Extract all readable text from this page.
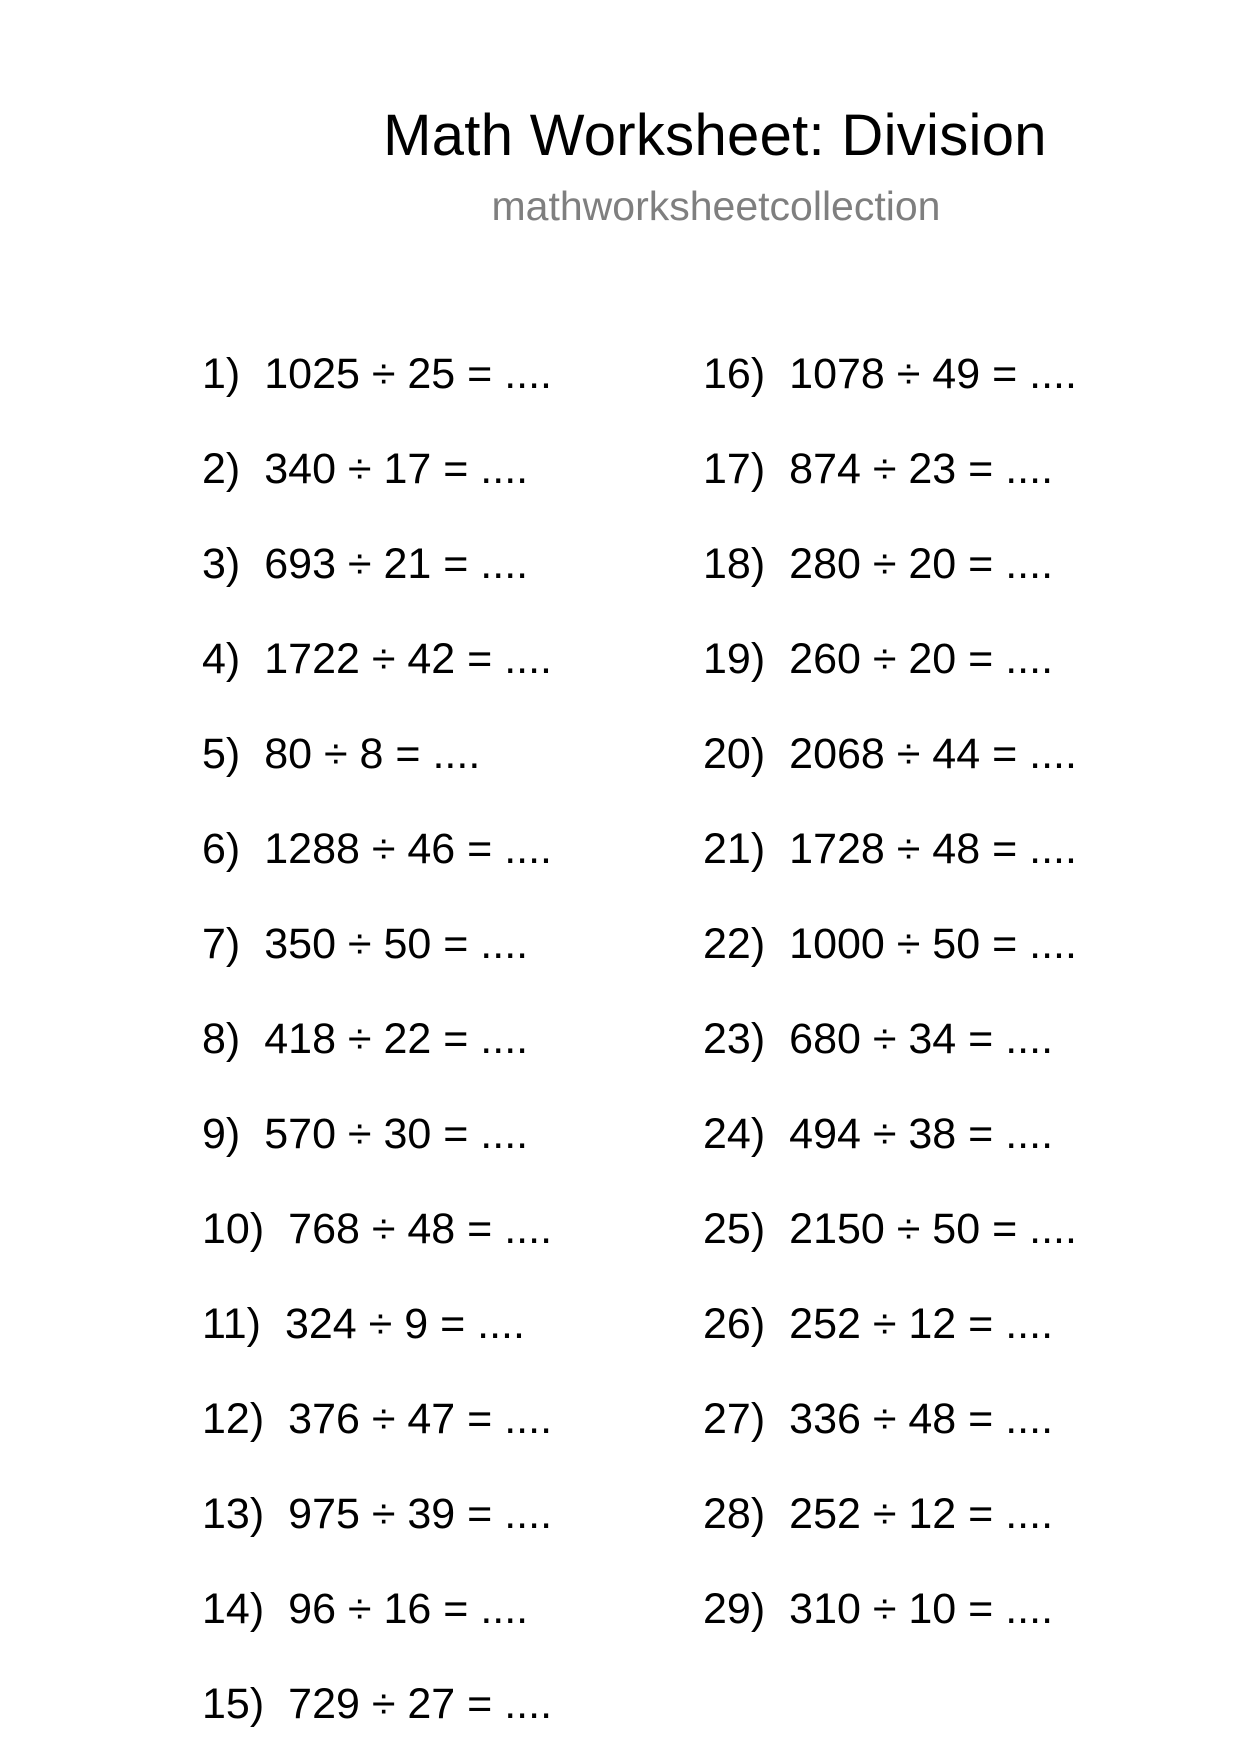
Math Worksheet: Division
mathworksheetcollection
1) 1025 ÷ 25 = ....
2) 340 ÷ 17 = ....
3) 693 ÷ 21 = ....
4) 1722 ÷ 42 = ....
5) 80 ÷ 8 = ....
6) 1288 ÷ 46 = ....
7) 350 ÷ 50 = ....
8) 418 ÷ 22 = ....
9) 570 ÷ 30 = ....
10) 768 ÷ 48 = ....
11) 324 ÷ 9 = ....
12) 376 ÷ 47 = ....
13) 975 ÷ 39 = ....
14) 96 ÷ 16 = ....
15) 729 ÷ 27 = ....
16) 1078 ÷ 49 = ....
17) 874 ÷ 23 = ....
18) 280 ÷ 20 = ....
19) 260 ÷ 20 = ....
20) 2068 ÷ 44 = ....
21) 1728 ÷ 48 = ....
22) 1000 ÷ 50 = ....
23) 680 ÷ 34 = ....
24) 494 ÷ 38 = ....
25) 2150 ÷ 50 = ....
26) 252 ÷ 12 = ....
27) 336 ÷ 48 = ....
28) 252 ÷ 12 = ....
29) 310 ÷ 10 = ....
